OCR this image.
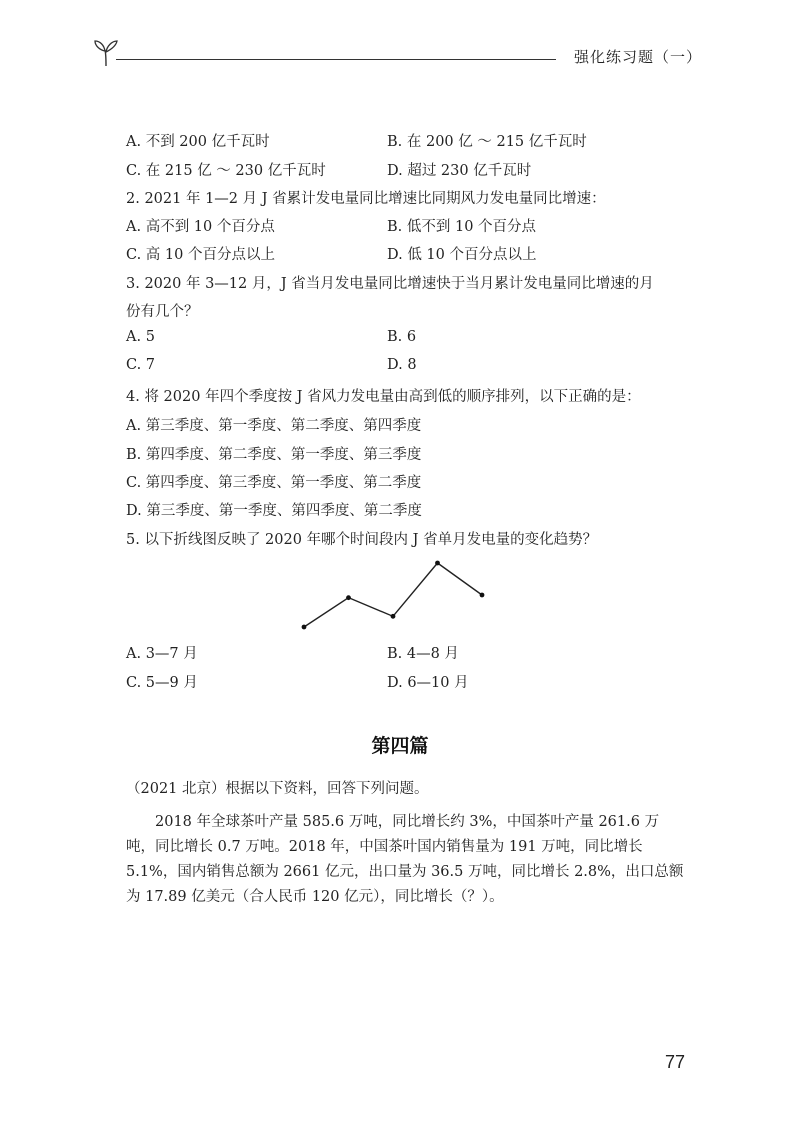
强化练习题（一）
A. 不到 200 亿千瓦时	B. 在 200 亿 ～ 215 亿千瓦时
C. 在 215 亿 ～ 230 亿千瓦时	D. 超过 230 亿千瓦时
2. 2021 年 1—2 月 J 省累计发电量同比增速比同期风力发电量同比增速：
A. 高不到 10 个百分点	B. 低不到 10 个百分点
C. 高 10 个百分点以上	D. 低 10 个百分点以上
3. 2020 年 3—12 月，J 省当月发电量同比增速快于当月累计发电量同比增速的月
份有几个？
A. 5	B. 6
C. 7	D. 8
4. 将 2020 年四个季度按 J 省风力发电量由高到低的顺序排列，以下正确的是：
A. 第三季度、第一季度、第二季度、第四季度
B. 第四季度、第二季度、第一季度、第三季度
C. 第四季度、第三季度、第一季度、第二季度
D. 第三季度、第一季度、第四季度、第二季度
5. 以下折线图反映了 2020 年哪个时间段内 J 省单月发电量的变化趋势？
A. 3—7 月	B. 4—8 月
C. 5—9 月	D. 6—10 月
第四篇
（2021 北京）根据以下资料，回答下列问题。
2018 年全球茶叶产量 585.6 万吨，同比增长约 3%，中国茶叶产量 261.6 万吨，同比增长 0.7 万吨。2018 年，中国茶叶国内销售量为 191 万吨，同比增长 5.1%，国内销售总额为 2661 亿元，出口量为 36.5 万吨，同比增长 2.8%，出口总额为 17.89 亿美元（合人民币 120 亿元），同比增长（？）。
77
